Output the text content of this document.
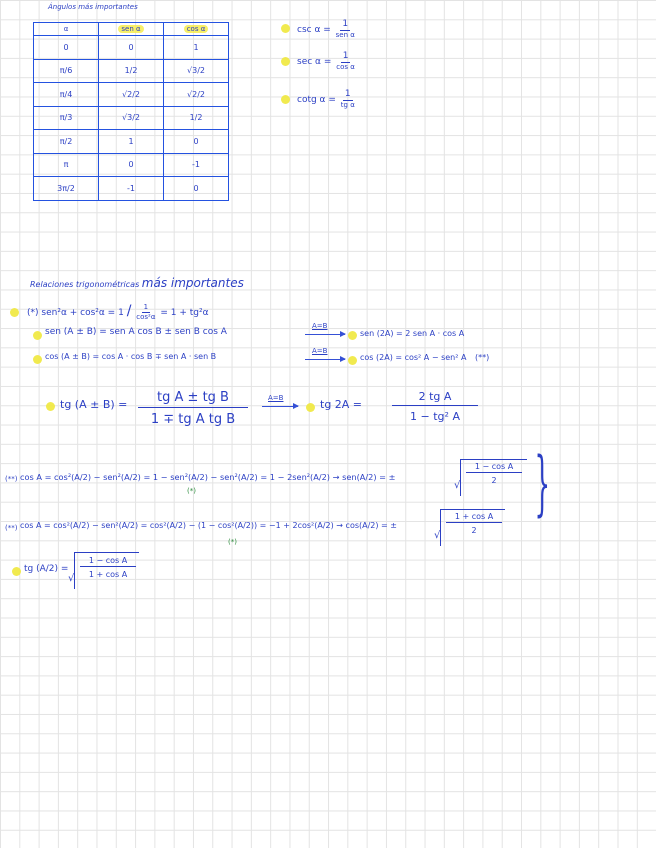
Ángulos más importantes
α	sen α	cos α
0	0	1
π/6	1/2	√3/2
π/4	√2/2	√2/2
π/3	√3/2	1/2
π/2	1	0
π	0	-1
3π/2	-1	0
$\csc \alpha = \frac{1}{\text{sen α}}$
$\sec \alpha = \frac{1}{\text{cos α}}$
cotg $\alpha = \frac{1}{\text{tg α}}$
Relaciones trigonométricas más importantes
(*) $sen^2\alpha + \cos^2\alpha = 1 / \frac{1}{\text{cos²α}} = 1 + tg^2\alpha$
sen (A ± B) = sen A cos B ± sen B cos A
A=B
sen (2A) = 2 sen A · cos A
cos (A ± B) = cos A · cos B ∓ sen A · sen B
A=B
cos (2A) = cos² A − sen² A (**)
tg $(A \pm B) = \frac{\text{tg A ± tg B}}{\text{1 ∓ tg A tg B}}$	A=B	tg 2A =	$\frac{\text{2 tg A}}{\text{1 − tg² A}}$
(**) cos A = cos²(A/2) − sen²(A/2) = 1 − sen²(A/2) − sen²(A/2) = 1 − 2sen²(A/2) → sen(A/2) = ±
(*)	√
$\frac{\text{1 − cos A}}{2}$
(**) cos A = cos²(A/2) − sen²(A/2) = cos²(A/2) − (1 − cos²(A/2)) = −1 + 2cos²(A/2) → cos(A/2) = ±
(*)
√
$\frac{\text{1 + cos A}}{2}$ }
tg (A/2) =
√ $\frac{\text{1 − cos A}}{\text{1 + cos A}}$
